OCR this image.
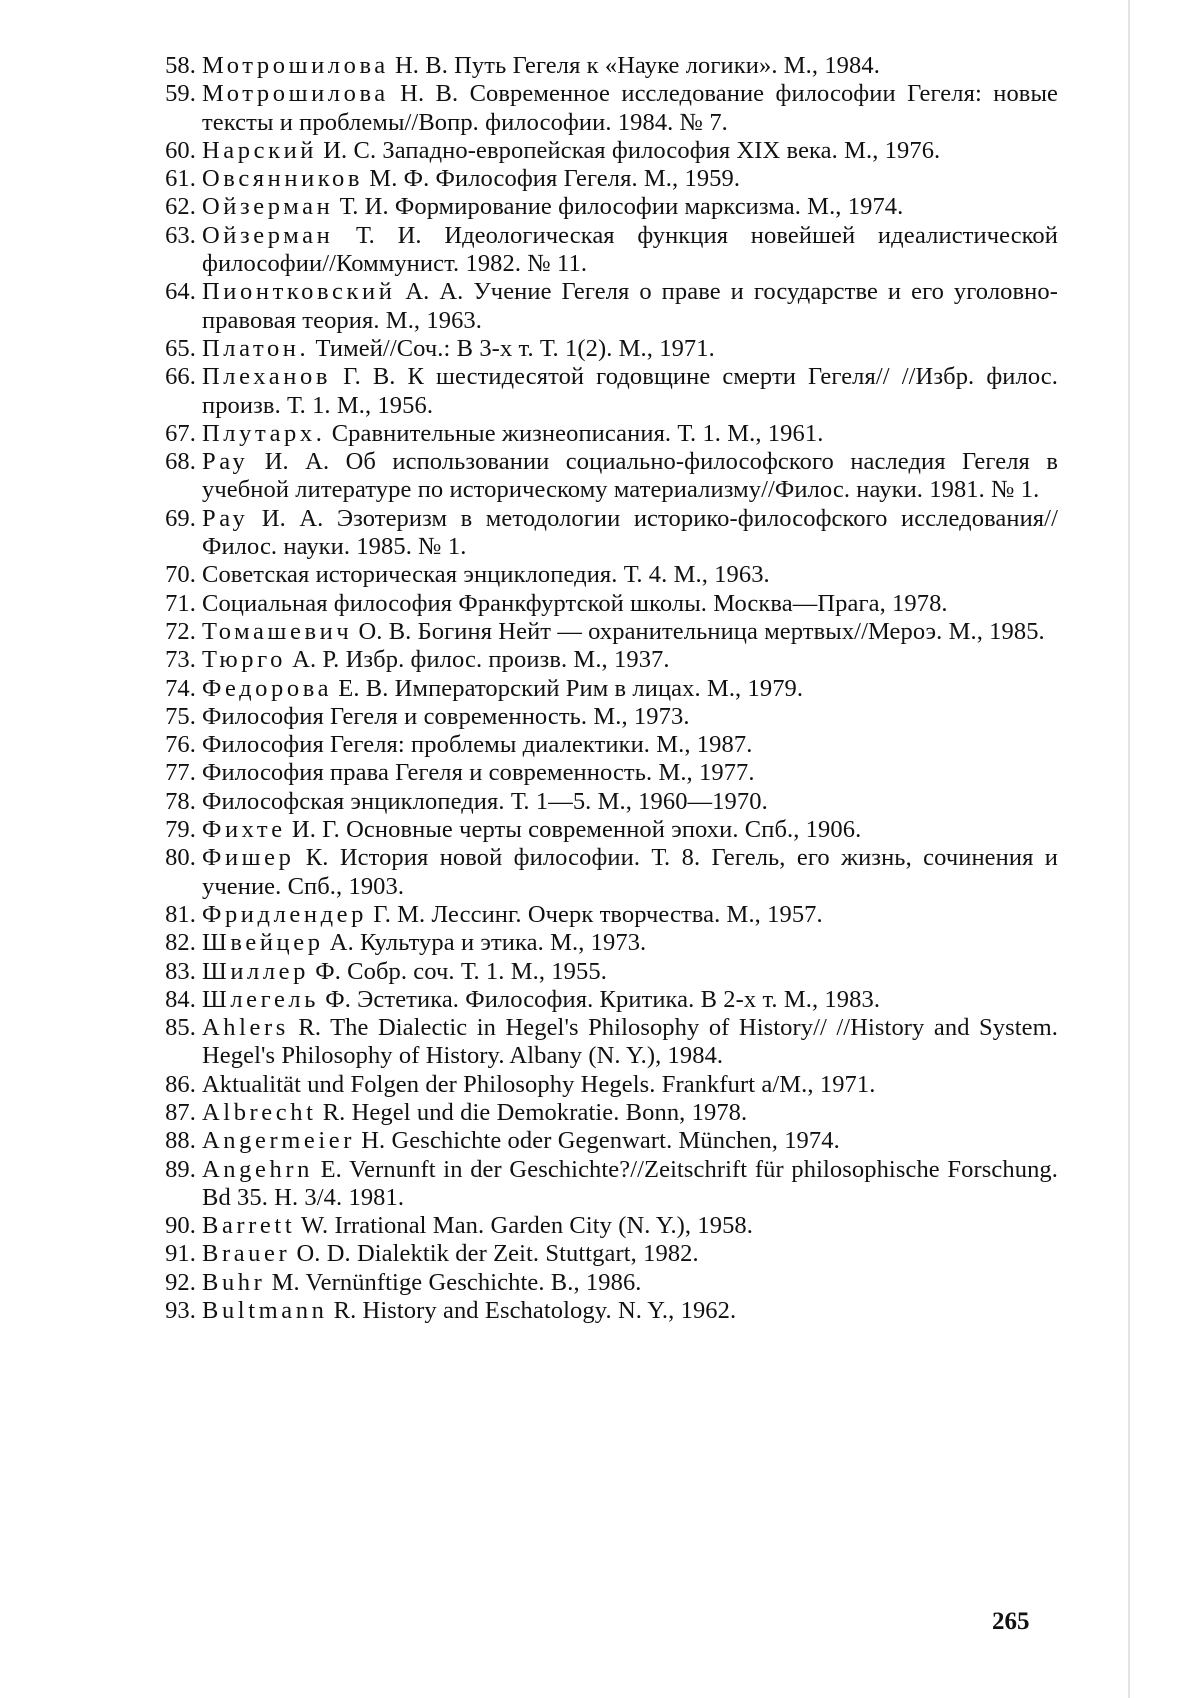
58. Мотрошилова Н. В. Путь Гегеля к «Науке логики». М., 1984.
59. Мотрошилова Н. В. Современное исследование философии Гегеля: новые тексты и проблемы//Вопр. философии. 1984. № 7.
60. Нарский И. С. Западно-европейская философия XIX века. М., 1976.
61. Овсянников М. Ф. Философия Гегеля. М., 1959.
62. Ойзерман Т. И. Формирование философии марксизма. М., 1974.
63. Ойзерман Т. И. Идеологическая функция новейшей идеалистической философии//Коммунист. 1982. № 11.
64. Пионтковский А. А. Учение Гегеля о праве и государстве и его уголовно-правовая теория. М., 1963.
65. Платон. Тимей//Соч.: В 3-х т. Т. 1(2). М., 1971.
66. Плеханов Г. В. К шестидесятой годовщине смерти Гегеля// //Избр. филос. произв. Т. 1. М., 1956.
67. Плутарх. Сравнительные жизнеописания. Т. 1. М., 1961.
68. Рау И. А. Об использовании социально-философского наследия Гегеля в учебной литературе по историческому материализму//Филос. науки. 1981. № 1.
69. Рау И. А. Эзотеризм в методологии историко-философского исследования//Филос. науки. 1985. № 1.
70. Советская историческая энциклопедия. Т. 4. М., 1963.
71. Социальная философия Франкфуртской школы. Москва—Прага, 1978.
72. Томашевич О. В. Богиня Нейт — охранительница мертвых//Мероэ. М., 1985.
73. Тюрго А. Р. Избр. филос. произв. М., 1937.
74. Федорова Е. В. Императорский Рим в лицах. М., 1979.
75. Философия Гегеля и современность. М., 1973.
76. Философия Гегеля: проблемы диалектики. М., 1987.
77. Философия права Гегеля и современность. М., 1977.
78. Философская энциклопедия. Т. 1—5. М., 1960—1970.
79. Фихте И. Г. Основные черты современной эпохи. Спб., 1906.
80. Фишер К. История новой философии. Т. 8. Гегель, его жизнь, сочинения и учение. Спб., 1903.
81. Фридлендер Г. М. Лессинг. Очерк творчества. М., 1957.
82. Швейцер А. Культура и этика. М., 1973.
83. Шиллер Ф. Собр. соч. Т. 1. М., 1955.
84. Шлегель Ф. Эстетика. Философия. Критика. В 2-х т. М., 1983.
85. Ahlers R. The Dialectic in Hegel's Philosophy of History// //History and System. Hegel's Philosophy of History. Albany (N. Y.), 1984.
86. Aktualität und Folgen der Philosophy Hegels. Frankfurt a/M., 1971.
87. Albrecht R. Hegel und die Demokratie. Bonn, 1978.
88. Angermeier H. Geschichte oder Gegenwart. München, 1974.
89. Angehrn E. Vernunft in der Geschichte?//Zeitschrift für philosophische Forschung. Bd 35. H. 3/4. 1981.
90. Barrett W. Irrational Man. Garden City (N. Y.), 1958.
91. Brauer O. D. Dialektik der Zeit. Stuttgart, 1982.
92. Buhr M. Vernünftige Geschichte. B., 1986.
93. Bultmann R. History and Eschatology. N. Y., 1962.
265
